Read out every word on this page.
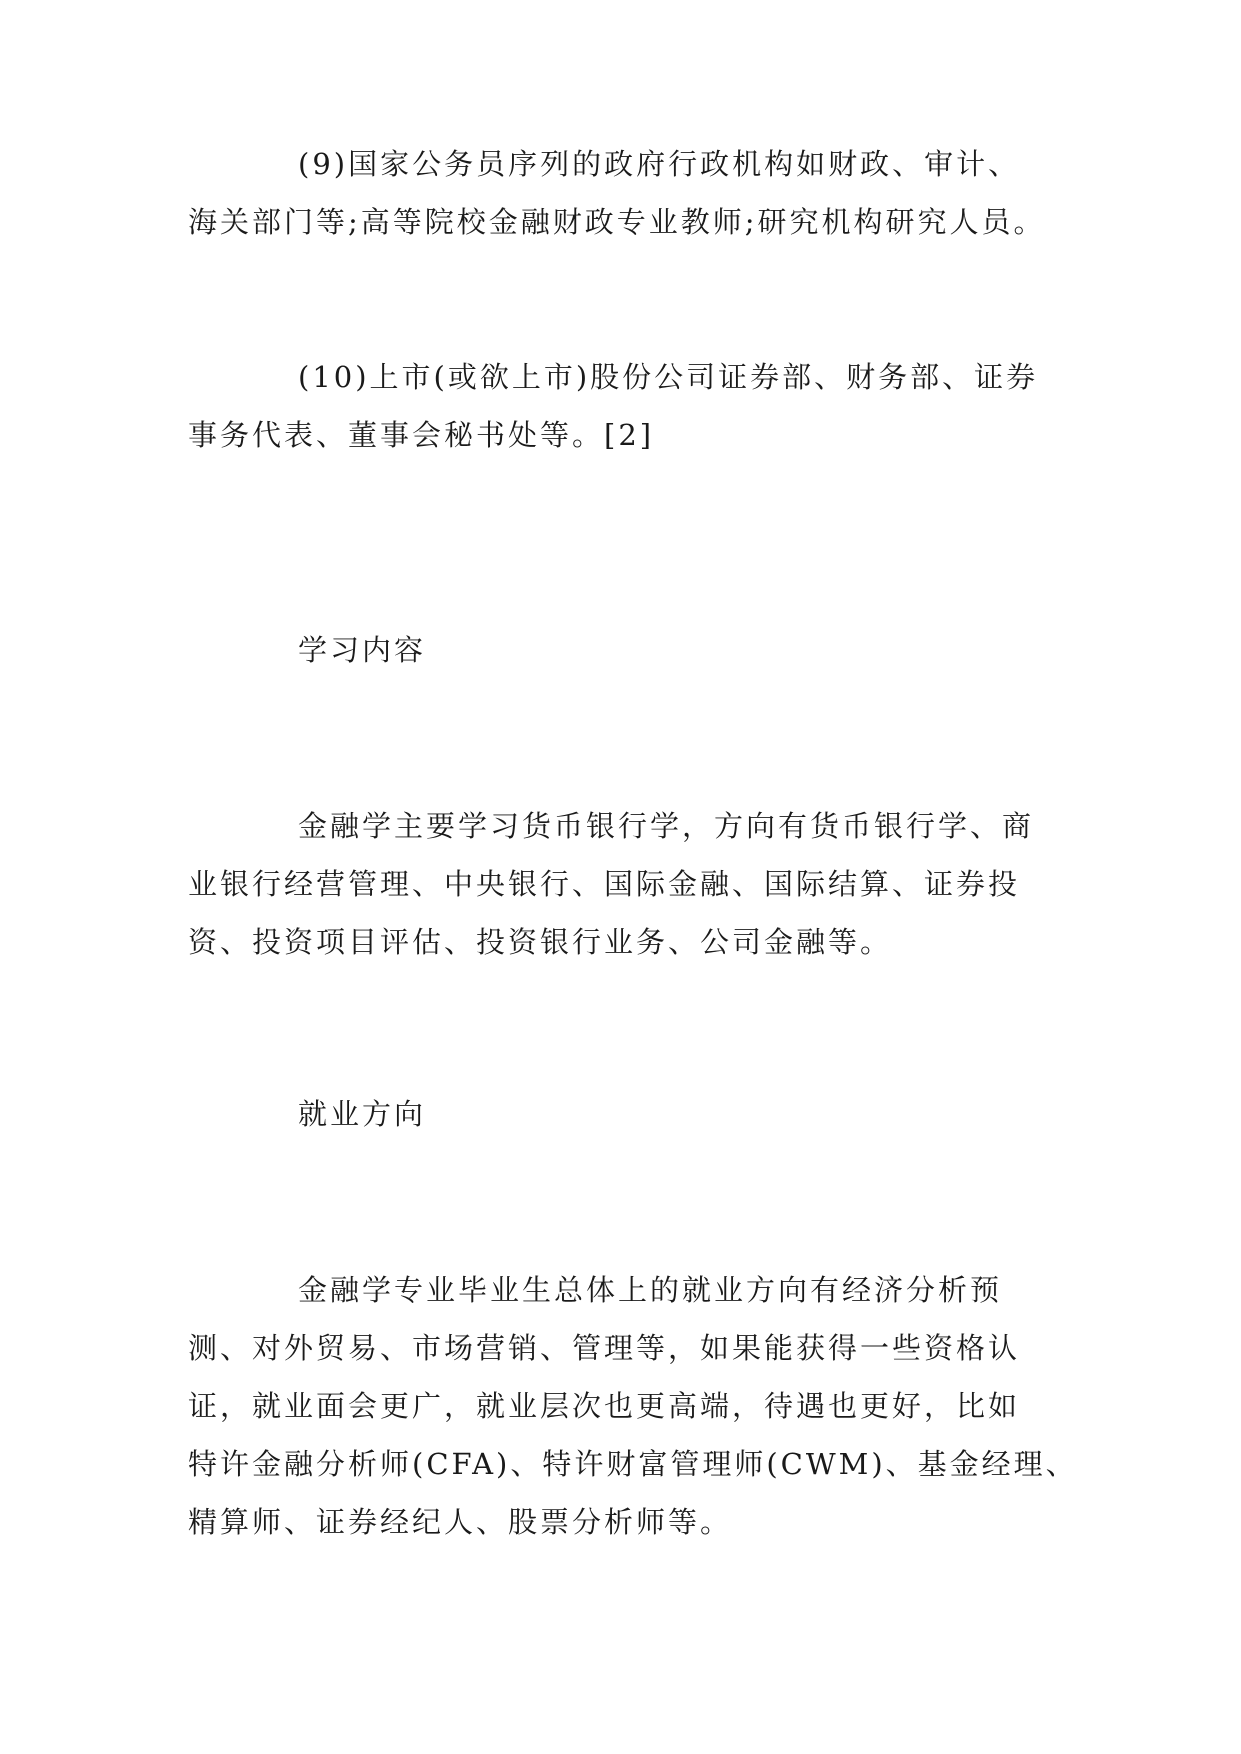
(9)国家公务员序列的政府行政机构如财政、审计、
海关部门等;高等院校金融财政专业教师;研究机构研究人员。
(10)上市(或欲上市)股份公司证券部、财务部、证券
事务代表、董事会秘书处等。[2]
学习内容
金融学主要学习货币银行学，方向有货币银行学、商
业银行经营管理、中央银行、国际金融、国际结算、证券投
资、投资项目评估、投资银行业务、公司金融等。
就业方向
金融学专业毕业生总体上的就业方向有经济分析预
测、对外贸易、市场营销、管理等，如果能获得一些资格认
证，就业面会更广，就业层次也更高端，待遇也更好，比如
特许金融分析师(CFA)、特许财富管理师(CWM)、基金经理、
精算师、证券经纪人、股票分析师等。
